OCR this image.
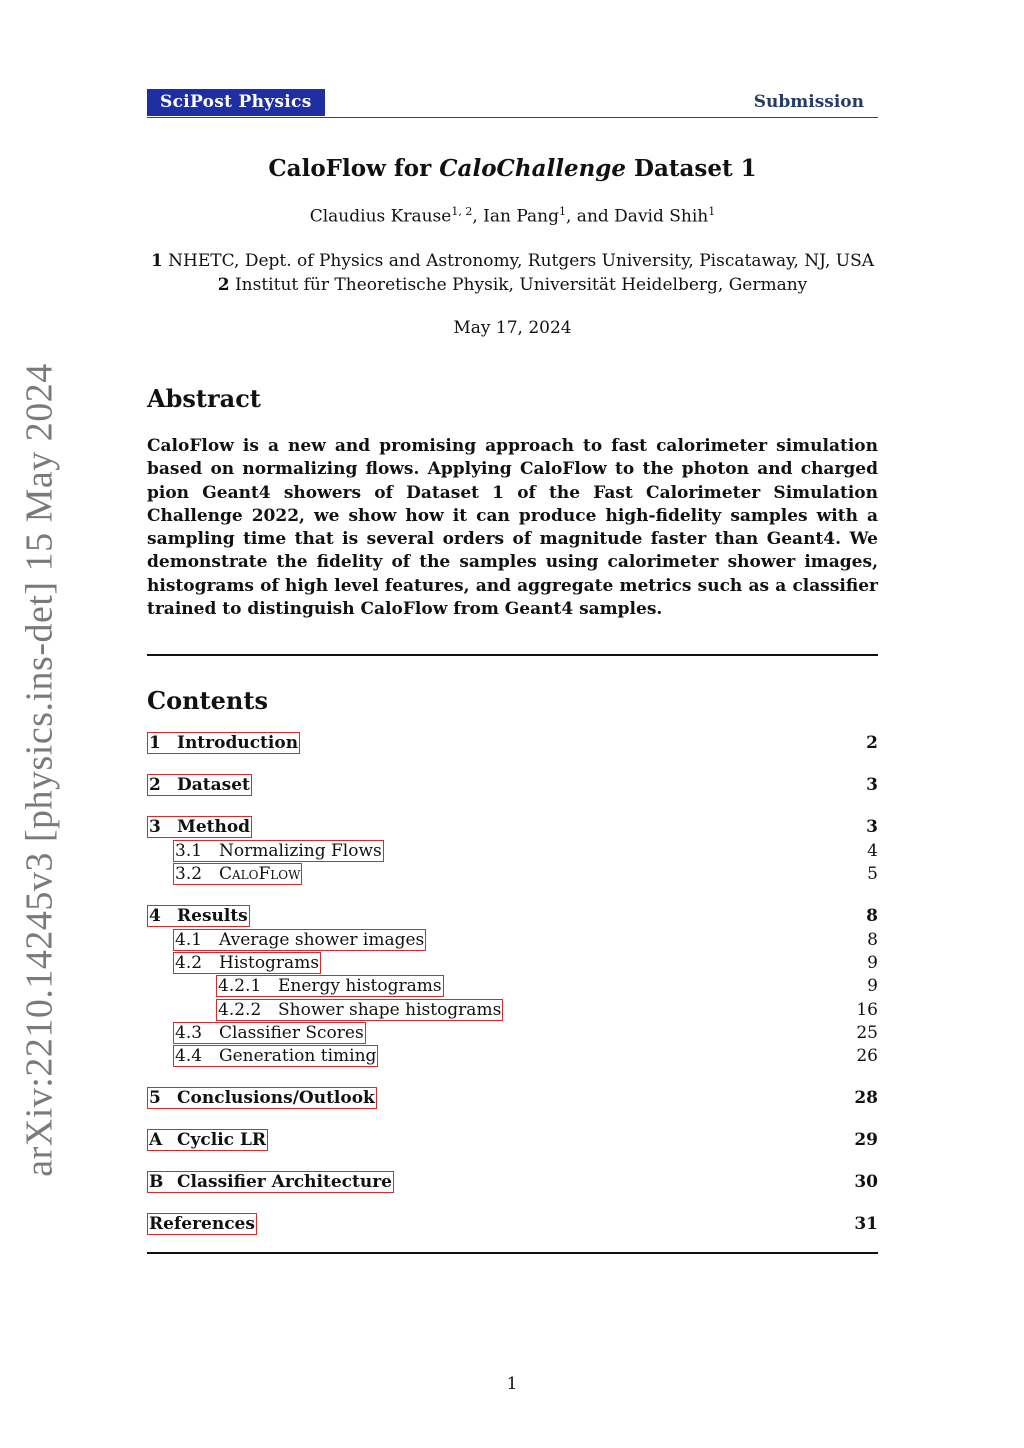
arXiv:2210.14245v3 [physics.ins-det] 15 May 2024
SciPost Physics	Submission
CaloFlow for CaloChallenge Dataset 1
Claudius Krause$^{1, 2}$, Ian Pang$^1$, and David Shih$^1$
1 NHETC, Dept. of Physics and Astronomy, Rutgers University, Piscataway, NJ, USA
2 Institut für Theoretische Physik, Universität Heidelberg, Germany
May 17, 2024
Abstract
CaloFlow is a new and promising approach to fast calorimeter simulation based on normalizing flows. Applying CaloFlow to the photon and charged pion Geant4 showers of Dataset 1 of the Fast Calorimeter Simulation Challenge 2022, we show how it can produce high-fidelity samples with a sampling time that is several orders of magnitude faster than Geant4. We demonstrate the fidelity of the samples using calorimeter shower images, histograms of high level features, and aggregate metrics such as a classifier trained to distinguish CaloFlow from Geant4 samples.
Contents
1 Introduction	2
2 Dataset	3
3 Method	3
3.1 Normalizing Flows	4
3.2 CaloFlow	5
4 Results	8
4.1 Average shower images	8
4.2 Histograms	9
4.2.1 Energy histograms	9
4.2.2 Shower shape histograms	16
4.3 Classifier Scores	25
4.4 Generation timing	26
5 Conclusions/Outlook	28
A Cyclic LR	29
B Classifier Architecture	30
References	31
1
